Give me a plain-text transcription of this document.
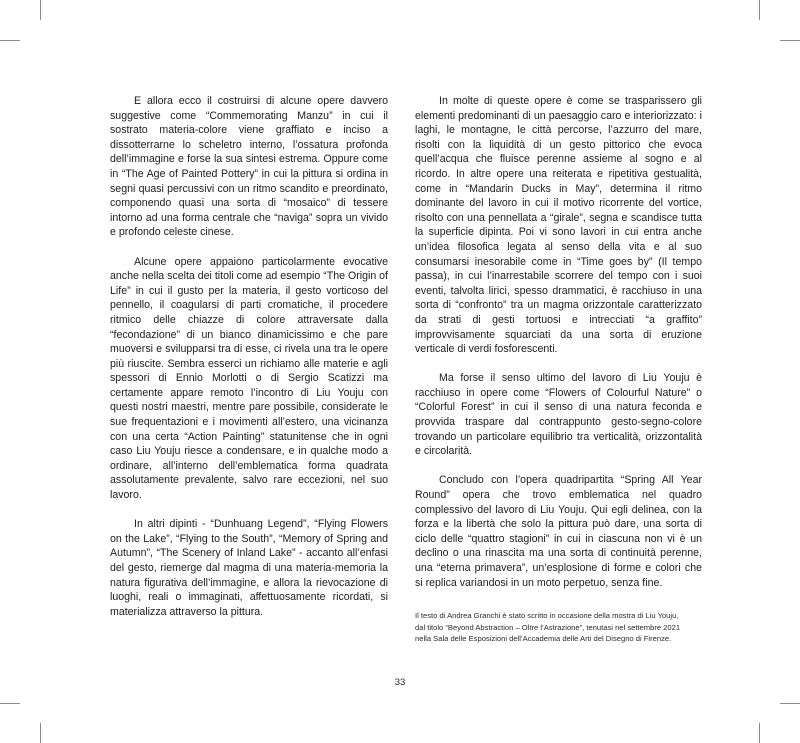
E allora ecco il costruirsi di alcune opere davvero suggestive come “Commemorating Manzu” in cui il sostrato materia-colore viene graffiato e inciso a dissotterrarne lo scheletro interno, l’ossatura profonda dell’immagine e forse la sua sintesi estrema. Oppure come in “The Age of Painted Pottery” in cui la pittura si ordina in segni quasi percussivi con un ritmo scandito e preordinato, componendo quasi una sorta di “mosaico” di tessere intorno ad una forma centrale che “naviga” sopra un vivido e profondo celeste cinese.

Alcune opere appaiono particolarmente evocative anche nella scelta dei titoli come ad esempio “The Origin of Life” in cui il gusto per la materia, il gesto vorticoso del pennello, il coagularsi di parti cromatiche, il procedere ritmico delle chiazze di colore attraversate dalla “fecondazione” di un bianco dinamicissimo e che pare muoversi e svilupparsi tra di esse, ci rivela una tra le opere più riuscite. Sembra esserci un richiamo alle materie e agli spessori di Ennio Morlotti o di Sergio Scatizzi ma certamente appare remoto l’incontro di Liu Youju con questi nostri maestri, mentre pare possibile, considerate le sue frequentazioni e i movimenti all’estero, una vicinanza con una certa “Action Painting” statunitense che in ogni caso Liu Youju riesce a condensare, e in qualche modo a ordinare, all’interno dell’emblematica forma quadrata assolutamente prevalente, salvo rare eccezioni, nel suo lavoro.

In altri dipinti - “Dunhuang Legend”, “Flying Flowers on the Lake”, “Flying to the South”, “Memory of Spring and Autumn”, “The Scenery of Inland Lake” - accanto all’enfasi del gesto, riemerge dal magma di una materia-memoria la natura figurativa dell’immagine, e allora la rievocazione di luoghi, reali o immaginati, affettuosamente ricordati, si materializza attraverso la pittura.

In molte di queste opere è come se trasparissero gli elementi predominanti di un paesaggio caro e interiorizzato: i laghi, le montagne, le città percorse, l’azzurro del mare, risolti con la liquidità di un gesto pittorico che evoca quell’acqua che fluisce perenne assieme al sogno e al ricordo. In altre opere una reiterata e ripetitiva gestualità, come in “Mandarin Ducks in May”, determina il ritmo dominante del lavoro in cui il motivo ricorrente del vortice, risolto con una pennellata a “girale”, segna e scandisce tutta la superficie dipinta. Poi vi sono lavori in cui entra anche un’idea filosofica legata al senso della vita e al suo consumarsi inesorabile come in “Time goes by” (Il tempo passa), in cui l’inarrestabile scorrere del tempo con i suoi eventi, talvolta lirici, spesso drammatici, è racchiuso in una sorta di “confronto” tra un magma orizzontale caratterizzato da strati di gesti tortuosi e intrecciati “a graffito” improvvisamente squarciati da una sorta di eruzione verticale di verdi fosforescenti.

Ma forse il senso ultimo del lavoro di Liu Youju è racchiuso in opere come “Flowers of Colourful Nature” o “Colorful Forest” in cui il senso di una natura feconda e provvida traspare dal contrappunto gesto-segno-colore trovando un particolare equilibrio tra verticalità, orizzontalità e circolarità.

Concludo con l’opera quadripartita “Spring All Year Round” opera che trovo emblematica nel quadro complessivo del lavoro di Liu Youju. Qui egli delinea, con la forza e la libertà che solo la pittura può dare, una sorta di ciclo delle “quattro stagioni” in cui in ciascuna non vi è un declino o una rinascita ma una sorta di continuità perenne, una “eterna primavera”, un’esplosione di forme e colori che si replica variandosi in un moto perpetuo, senza fine.

Il testo di Andrea Granchi è stato scritto in occasione della mostra di Liu Youju,
dal titolo “Beyond Abstraction – Oltre l’Astrazione”, tenutasi nel settembre 2021
nella Sala delle Esposizioni dell’Accademia delle Arti del Disegno di Firenze.
33
